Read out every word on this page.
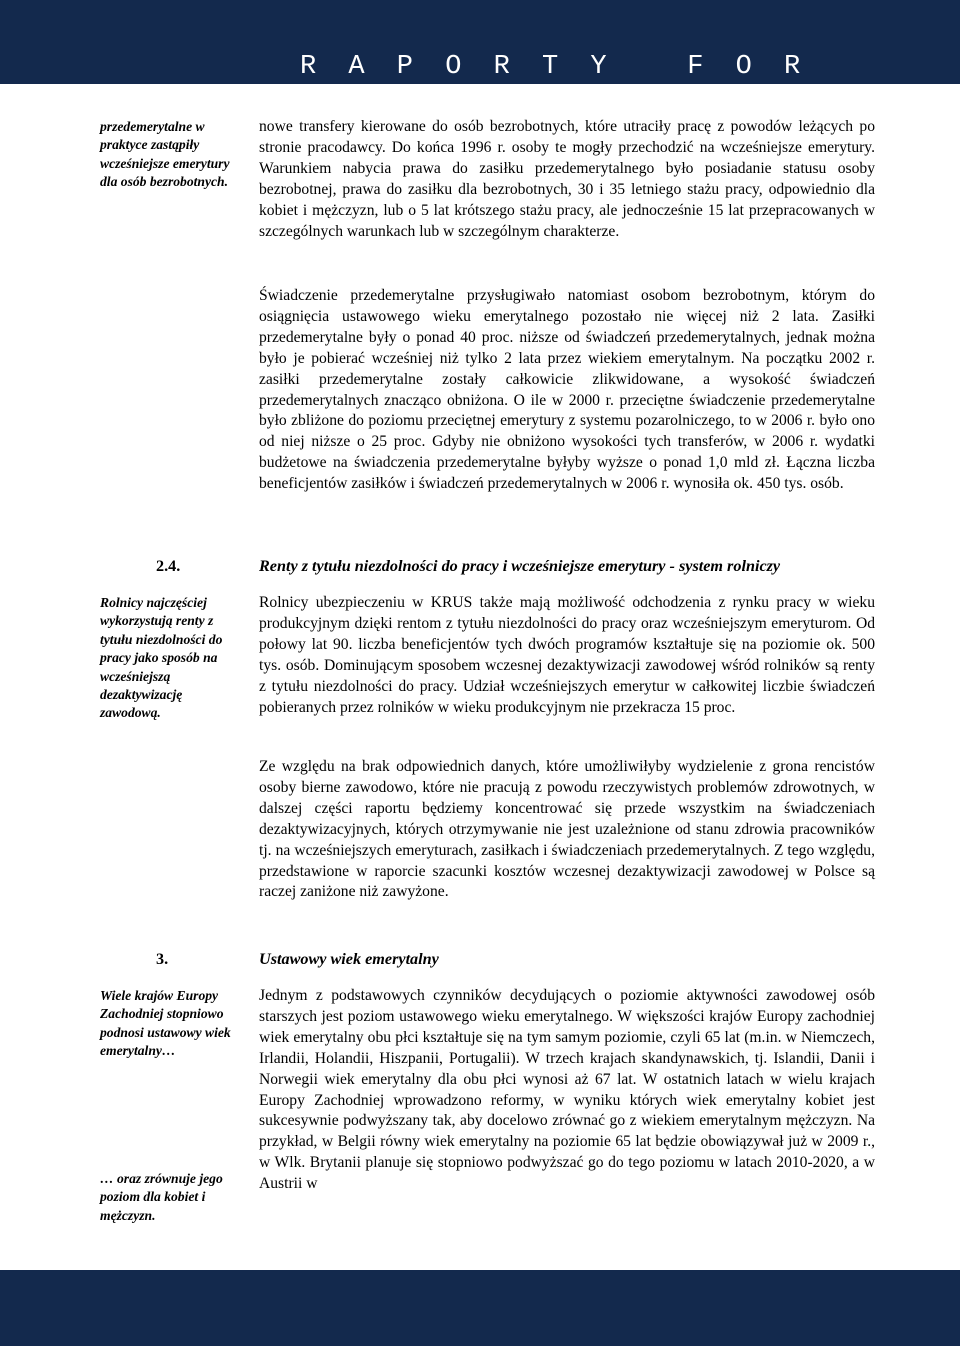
R A P O R T Y   F O R
przedemerytalne w praktyce zastąpiły wcześniejsze emerytury dla osób bezrobotnych.
Rolnicy najczęściej wykorzystują renty z tytułu niezdolności do pracy jako sposób na wcześniejszą dezaktywizację zawodową.
Wiele krajów Europy Zachodniej stopniowo podnosi ustawowy wiek emerytalny…
… oraz zrównuje jego poziom dla kobiet i mężczyzn.
nowe transfery kierowane do osób bezrobotnych, które utraciły pracę z powodów leżących po stronie pracodawcy. Do końca 1996 r. osoby te mogły przechodzić na wcześniejsze emerytury. Warunkiem nabycia prawa do zasiłku przedemerytalnego było posiadanie statusu osoby bezrobotnej, prawa do zasiłku dla bezrobotnych, 30 i 35 letniego stażu pracy, odpowiednio dla kobiet i mężczyzn, lub o 5 lat krótszego stażu pracy, ale jednocześnie 15 lat przepracowanych w szczególnych warunkach lub w szczególnym charakterze.
Świadczenie przedemerytalne przysługiwało natomiast osobom bezrobotnym, którym do osiągnięcia ustawowego wieku emerytalnego pozostało nie więcej niż 2 lata. Zasiłki przedemerytalne były o ponad 40 proc. niższe od świadczeń przedemerytalnych, jednak można było je pobierać wcześniej niż tylko 2 lata przez wiekiem emerytalnym. Na początku 2002 r. zasiłki przedemerytalne zostały całkowicie zlikwidowane, a wysokość świadczeń przedemerytalnych znacząco obniżona. O ile w 2000 r. przeciętne świadczenie przedemerytalne było zbliżone do poziomu przeciętnej emerytury z systemu pozarolniczego, to w 2006 r. było ono od niej niższe o 25 proc. Gdyby nie obniżono wysokości tych transferów, w 2006 r. wydatki budżetowe na świadczenia przedemerytalne byłyby wyższe o ponad 1,0 mld zł. Łączna liczba beneficjentów zasiłków i świadczeń przedemerytalnych w 2006 r. wynosiła ok. 450 tys. osób.
2.4.	Renty z tytułu niezdolności do pracy i wcześniejsze emerytury - system rolniczy
Rolnicy ubezpieczeniu w KRUS także mają możliwość odchodzenia z rynku pracy w wieku produkcyjnym dzięki rentom z tytułu niezdolności do pracy oraz wcześniejszym emeryturom. Od połowy lat 90. liczba beneficjentów tych dwóch programów kształtuje się na poziomie ok. 500 tys. osób. Dominującym sposobem wczesnej dezaktywizacji zawodowej wśród rolników są renty z tytułu niezdolności do pracy. Udział wcześniejszych emerytur w całkowitej liczbie świadczeń pobieranych przez rolników w wieku produkcyjnym nie przekracza 15 proc.
Ze względu na brak odpowiednich danych, które umożliwiłyby wydzielenie z grona rencistów osoby bierne zawodowo, które nie pracują z powodu rzeczywistych problemów zdrowotnych, w dalszej części raportu będziemy koncentrować się przede wszystkim na świadczeniach dezaktywizacyjnych, których otrzymywanie nie jest uzależnione od stanu zdrowia pracowników tj. na wcześniejszych emeryturach, zasiłkach i świadczeniach przedemerytalnych. Z tego względu, przedstawione w raporcie szacunki kosztów wczesnej dezaktywizacji zawodowej w Polsce są raczej zaniżone niż zawyżone.
3.	Ustawowy wiek emerytalny
Jednym z podstawowych czynników decydujących o poziomie aktywności zawodowej osób starszych jest poziom ustawowego wieku emerytalnego. W większości krajów Europy zachodniej wiek emerytalny obu płci kształtuje się na tym samym poziomie, czyli 65 lat (m.in. w Niemczech, Irlandii, Holandii, Hiszpanii, Portugalii). W trzech krajach skandynawskich, tj. Islandii, Danii i Norwegii wiek emerytalny dla obu płci wynosi aż 67 lat. W ostatnich latach w wielu krajach Europy Zachodniej wprowadzono reformy, w wyniku których wiek emerytalny kobiet jest sukcesywnie podwyższany tak, aby docelowo zrównać go z wiekiem emerytalnym mężczyzn. Na przykład, w Belgii równy wiek emerytalny na poziomie 65 lat będzie obowiązywał już w 2009 r., w Wlk. Brytanii planuje się stopniowo podwyższać go do tego poziomu w latach 2010-2020, a w Austrii w
